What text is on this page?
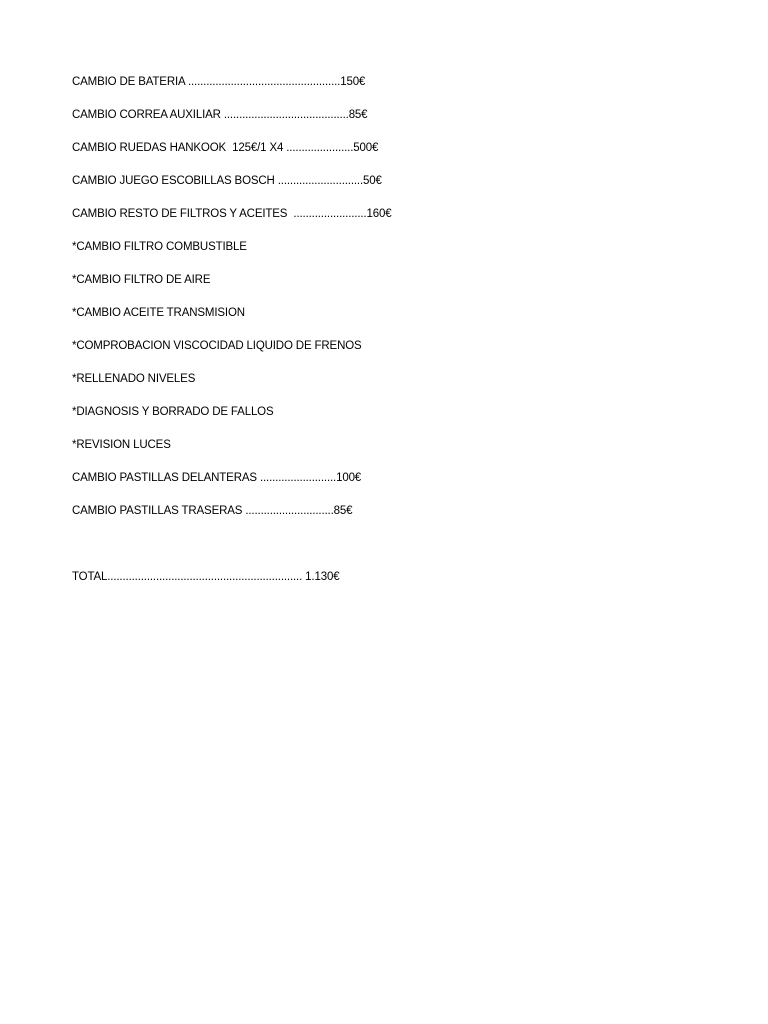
CAMBIO DE BATERIA ..................................................150€
CAMBIO CORREA AUXILIAR .........................................85€
CAMBIO RUEDAS HANKOOK  125€/1 X4 ......................500€
CAMBIO JUEGO ESCOBILLAS BOSCH ............................50€
CAMBIO RESTO DE FILTROS Y ACEITES  ........................160€
*CAMBIO FILTRO COMBUSTIBLE
*CAMBIO FILTRO DE AIRE
*CAMBIO ACEITE TRANSMISION
*COMPROBACION VISCOCIDAD LIQUIDO DE FRENOS
*RELLENADO NIVELES
*DIAGNOSIS Y BORRADO DE FALLOS
*REVISION LUCES
CAMBIO PASTILLAS DELANTERAS .........................100€
CAMBIO PASTILLAS TRASERAS .............................85€
TOTAL................................................................ 1.130€
